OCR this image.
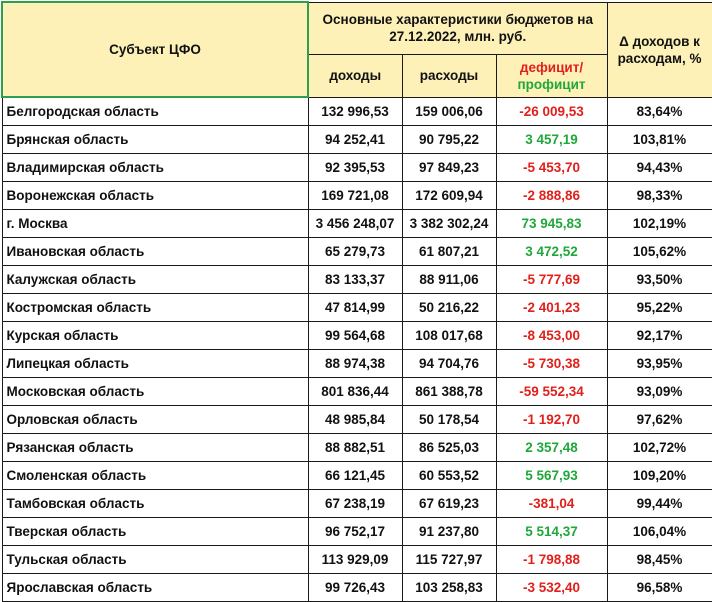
Субъект ЦФО	Основные характеристики бюджетов на 27.12.2022, млн. руб.			Δ доходов к расходам, %
	доходы	расходы	дефицит/
профицит	

Белгородская область	132 996,53	159 006,06	-26 009,53	83,64%
Брянская область	94 252,41	90 795,22	3 457,19	103,81%
Владимирская область	92 395,53	97 849,23	-5 453,70	94,43%
Воронежская область	169 721,08	172 609,94	-2 888,86	98,33%
г. Москва	3 456 248,07	3 382 302,24	73 945,83	102,19%
Ивановская область	65 279,73	61 807,21	3 472,52	105,62%
Калужская область	83 133,37	88 911,06	-5 777,69	93,50%
Костромская область	47 814,99	50 216,22	-2 401,23	95,22%
Курская область	99 564,68	108 017,68	-8 453,00	92,17%
Липецкая область	88 974,38	94 704,76	-5 730,38	93,95%
Московская область	801 836,44	861 388,78	-59 552,34	93,09%
Орловская область	48 985,84	50 178,54	-1 192,70	97,62%
Рязанская область	88 882,51	86 525,03	2 357,48	102,72%
Смоленская область	66 121,45	60 553,52	5 567,93	109,20%
Тамбовская область	67 238,19	67 619,23	-381,04	99,44%
Тверская область	96 752,17	91 237,80	5 514,37	106,04%
Тульская область	113 929,09	115 727,97	-1 798,88	98,45%
Ярославская область	99 726,43	103 258,83	-3 532,40	96,58%
